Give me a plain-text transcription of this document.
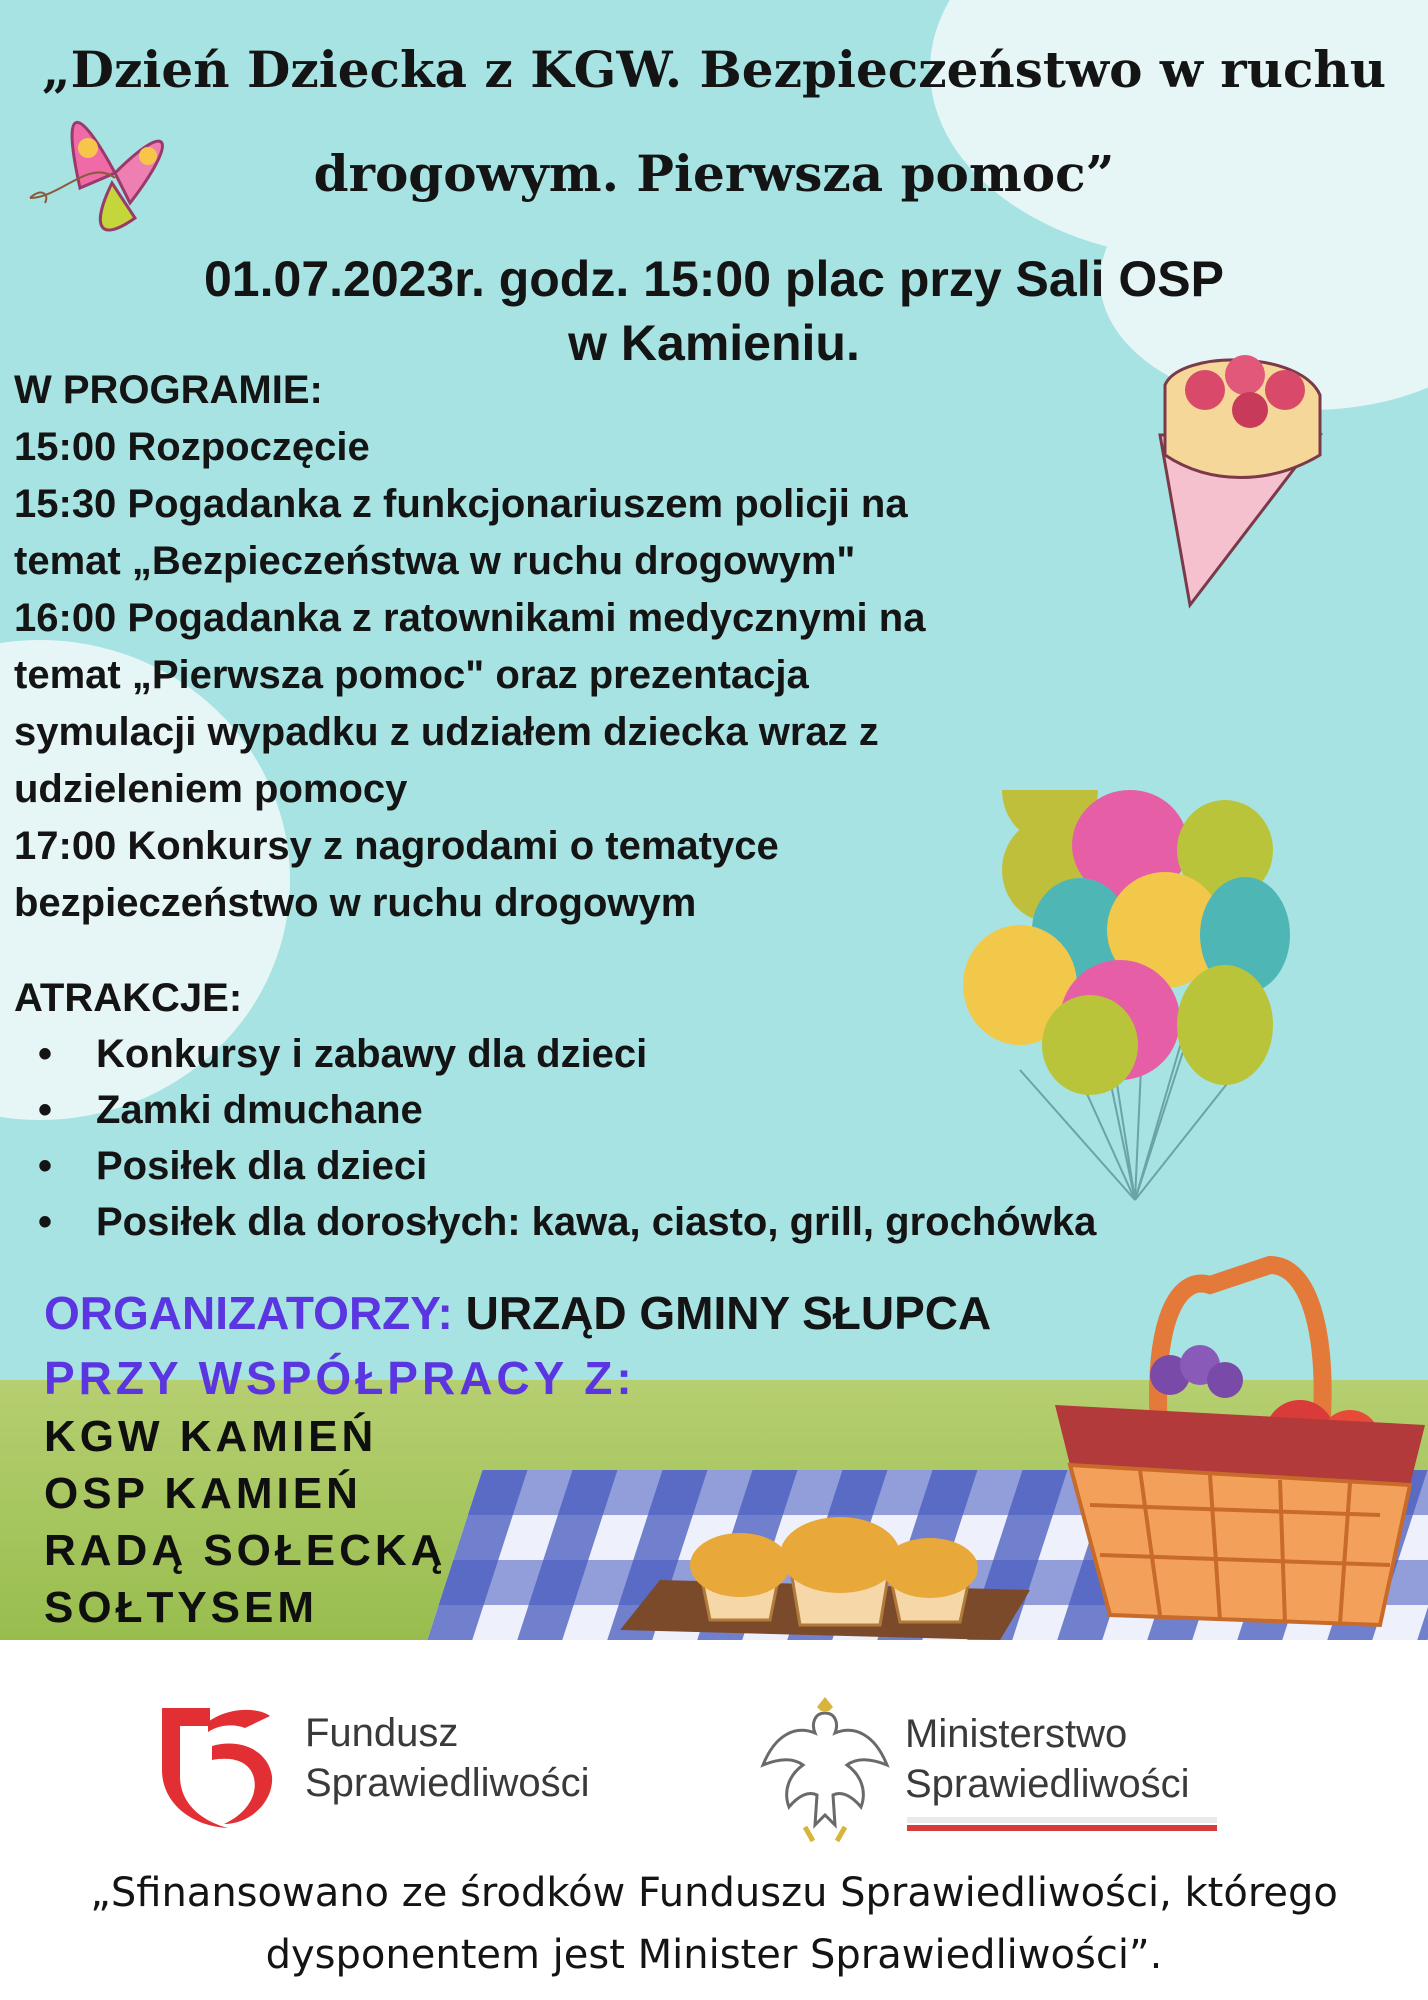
„Dzień Dziecka z KGW. Bezpieczeństwo w ruchu
drogowym. Pierwsza pomoc”
01.07.2023r. godz. 15:00 plac przy Sali OSP
w Kamieniu.
W PROGRAMIE:
15:00 Rozpoczęcie
15:30 Pogadanka z funkcjonariuszem policji na
temat „Bezpieczeństwa w ruchu drogowym"
16:00 Pogadanka z ratownikami medycznymi na
temat „Pierwsza pomoc" oraz prezentacja
symulacji wypadku z udziałem dziecka wraz z
udzieleniem pomocy
17:00 Konkursy z nagrodami o tematyce
bezpieczeństwo w ruchu drogowym
ATRAKCJE:
• Konkursy i zabawy dla dzieci
• Zamki dmuchane
• Posiłek dla dzieci
• Posiłek dla dorosłych: kawa, ciasto, grill, grochówka
ORGANIZATORZY: URZĄD GMINY SŁUPCA
PRZY WSPÓŁPRACY Z:
KGW KAMIEŃ
OSP KAMIEŃ
RADĄ SOŁECKĄ
SOŁTYSEM
Fundusz
Sprawiedliwości
Ministerstwo
Sprawiedliwości
„Sfinansowano ze środków Funduszu Sprawiedliwości, którego
dysponentem jest Minister Sprawiedliwości”.
